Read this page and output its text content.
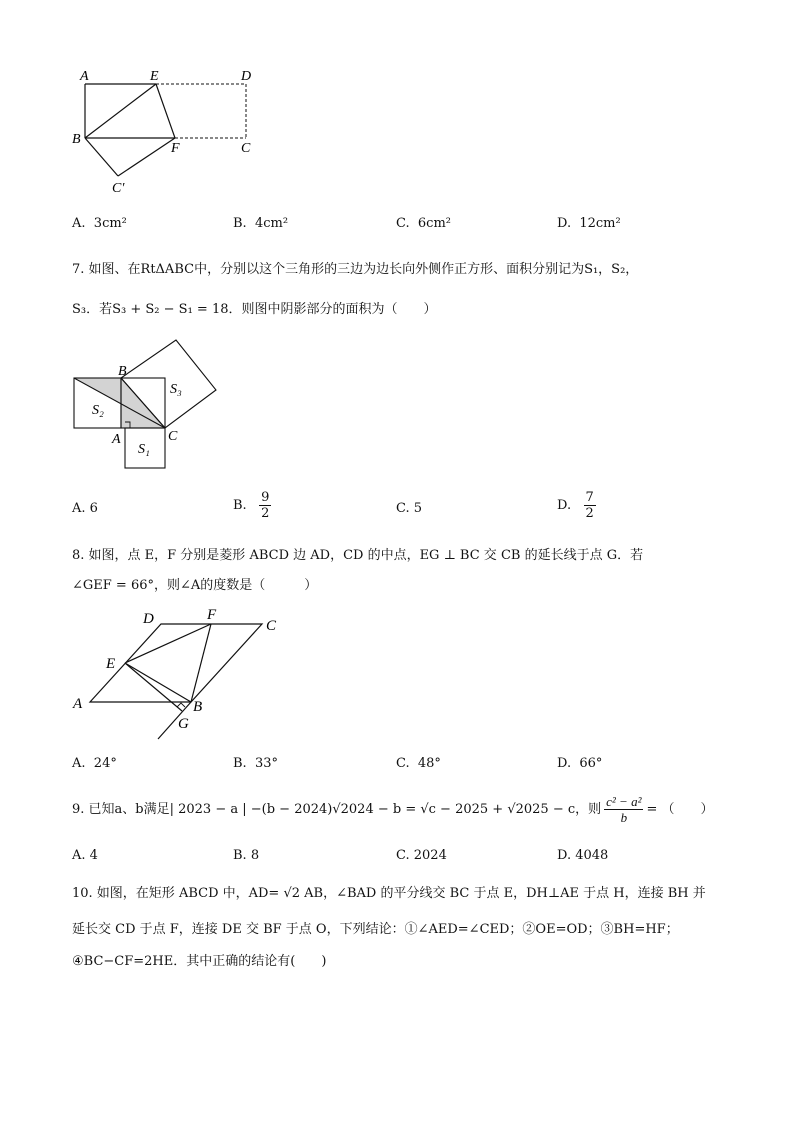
A	E	D
B
F	C
C′
A. 3cm²	B. 4cm²	C. 6cm²	D. 12cm²
7. 如图、在RtΔABC中，分别以这个三角形的三边为边长向外侧作正方形、面积分别记为S₁，S₂，
S₃．若S₃ + S₂ − S₁ = 18．则图中阴影部分的面积为（　　）
B
A	C
S₂
S₃
S₁
A. 6	B.
$\frac{9}{2}$	C. 5	D.
$\frac{7}{2}$
8. 如图，点 E，F 分别是菱形 ABCD 边 AD，CD 的中点，EG ⊥ BC 交 CB 的延长线于点 G．若
∠GEF = 66°，则∠A的度数是（　　　）
D	F
C
E
A	B
G
A. 24°	B. 33°	C. 48°	D. 66°
9. 已知a、b满足| 2023 − a | −(b − 2024)√2024 − b = √c − 2025 + √2025 − c，则 $\frac{\text{c² − a²}}{b}$ = （　　）
A. 4	B. 8	C. 2024	D. 4048
10. 如图，在矩形 ABCD 中，AD= √2 AB，∠BAD 的平分线交 BC 于点 E，DH⊥AE 于点 H，连接 BH 并
延长交 CD 于点 F，连接 DE 交 BF 于点 O，下列结论：①∠AED=∠CED；②OE=OD；③BH=HF；
④BC−CF=2HE．其中正确的结论有(　　)
